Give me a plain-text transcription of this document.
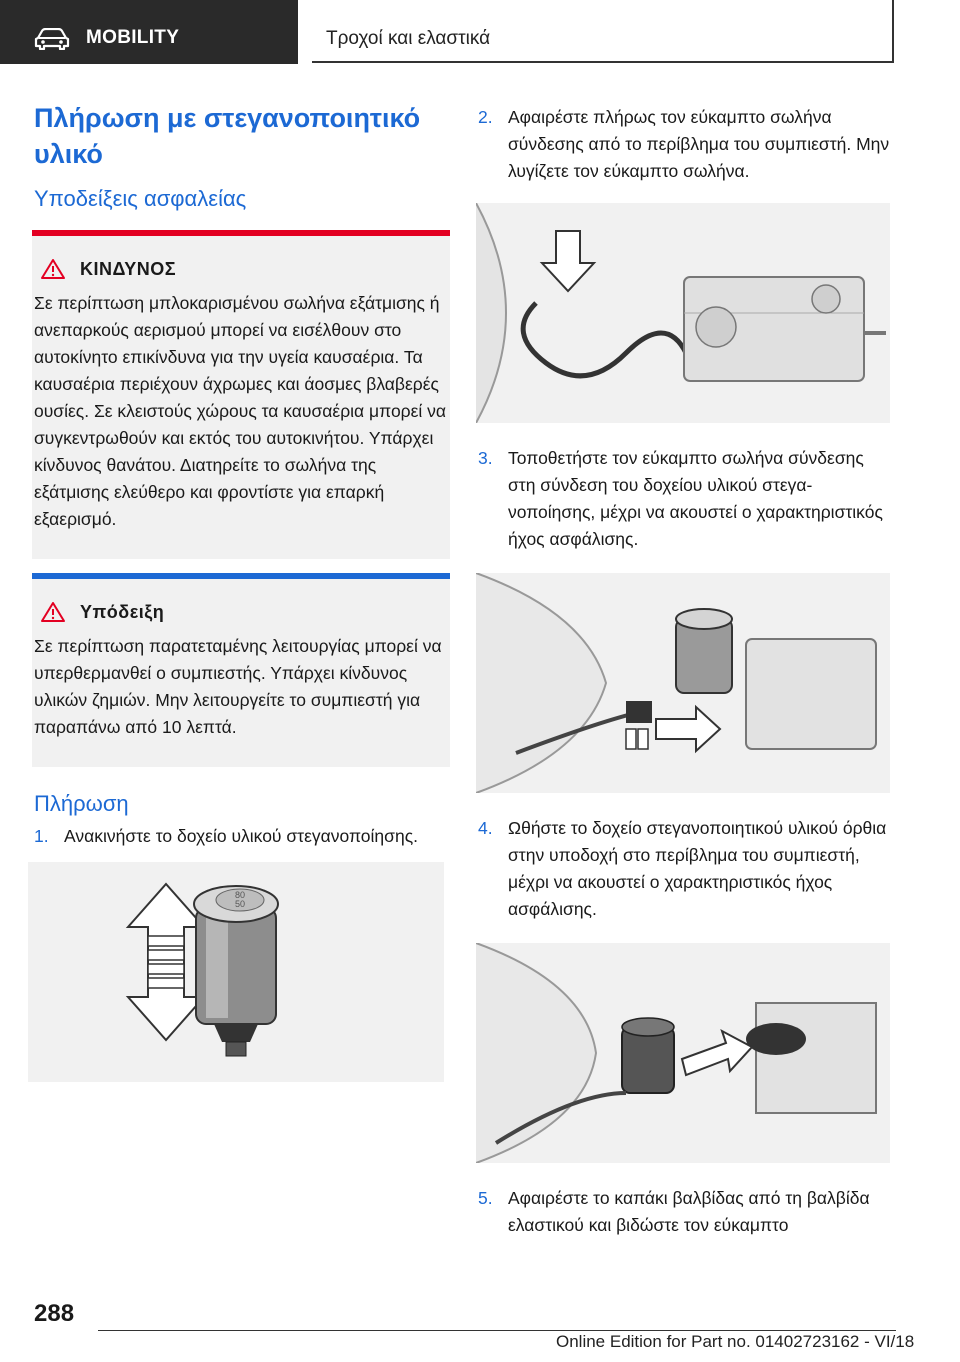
MOBILITY	Τροχοί και ελαστικά
Πλήρωση με στεγανοποιητικό υλικό
Υποδείξεις ασφαλείας
ΚΙΝΔΥΝΟΣ

Σε περίπτωση μπλοκαρισμένου σωλήνα εξάτμισης ή ανεπαρκούς αερισμού μπορεί να εισέλθουν στο αυτοκίνητο επικίνδυνα για την υγεία καυσαέρια. Τα καυσαέρια περιέχουν άχρωμες και άοσμες βλαβερές ουσίες. Σε κλειστούς χώρους τα καυσαέρια μπορεί να συγκεντρωθούν και εκτός του αυτοκινήτου. Υπάρχει κίνδυνος θανάτου. Διατηρείτε το σωλήνα της εξάτμισης ελεύθερο και φροντίστε για επαρκή εξαερισμό.

Υπόδειξη

Σε περίπτωση παρατεταμένης λειτουργίας μπορεί να υπερθερμανθεί ο συμπιεστής. Υπάρχει κίνδυνος υλικών ζημιών. Μην λειτουργείτε το συμπιεστή για παραπάνω από 10 λεπτά.

Πλήρωση
1. Ανακινήστε το δοχείο υλικού στεγανοποίησης.
80
50
2. Αφαιρέστε πλήρως τον εύκαμπτο σωλήνα σύνδεσης από το περίβλημα του συμπιεστή. Μην λυγίζετε τον εύκαμπτο σωλήνα.
3. Τοποθετήστε τον εύκαμπτο σωλήνα σύνδεσης στη σύνδεση του δοχείου υλικού στεγανοποίησης, μέχρι να ακουστεί ο χαρακτηριστικός ήχος ασφάλισης.
4. Ωθήστε το δοχείο στεγανοποιητικού υλικού όρθια στην υποδοχή στο περίβλημα του συμπιεστή, μέχρι να ακουστεί ο χαρακτηριστικός ήχος ασφάλισης.
5. Αφαιρέστε το καπάκι βαλβίδας από τη βαλβίδα ελαστικού και βιδώστε τον εύκαμπτο
288
Online Edition for Part no. 01402723162 - VI/18
